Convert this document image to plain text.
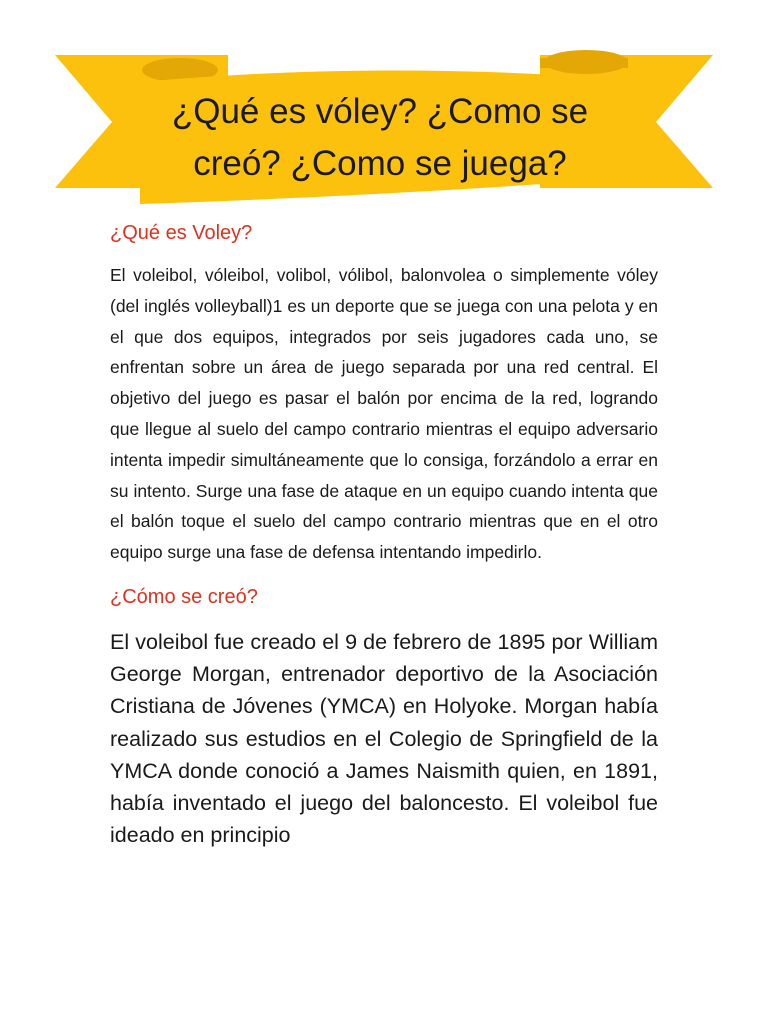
¿Qué es vóley? ¿Como se creó? ¿Como se juega?
¿Qué es Voley?

El voleibol, vóleibol, volibol, vólibol, balonvolea o simplemente vóley (del inglés volleyball)1 es un deporte que se juega con una pelota y en el que dos equipos, integrados por seis jugadores cada uno, se enfrentan sobre un área de juego separada por una red central. El objetivo del juego es pasar el balón por encima de la red, logrando que llegue al suelo del campo contrario mientras el equipo adversario intenta impedir simultáneamente que lo consiga, forzándolo a errar en su intento. Surge una fase de ataque en un equipo cuando intenta que el balón toque el suelo del campo contrario mientras que en el otro equipo surge una fase de defensa intentando impedirlo.

¿Cómo se creó?

El voleibol fue creado el 9 de febrero de 1895 por William George Morgan, entrenador deportivo de la Asociación Cristiana de Jóvenes (YMCA) en Holyoke. Morgan había realizado sus estudios en el Colegio de Springfield de la YMCA donde conoció a James Naismith quien, en 1891, había inventado el juego del baloncesto. El voleibol fue ideado en principio
